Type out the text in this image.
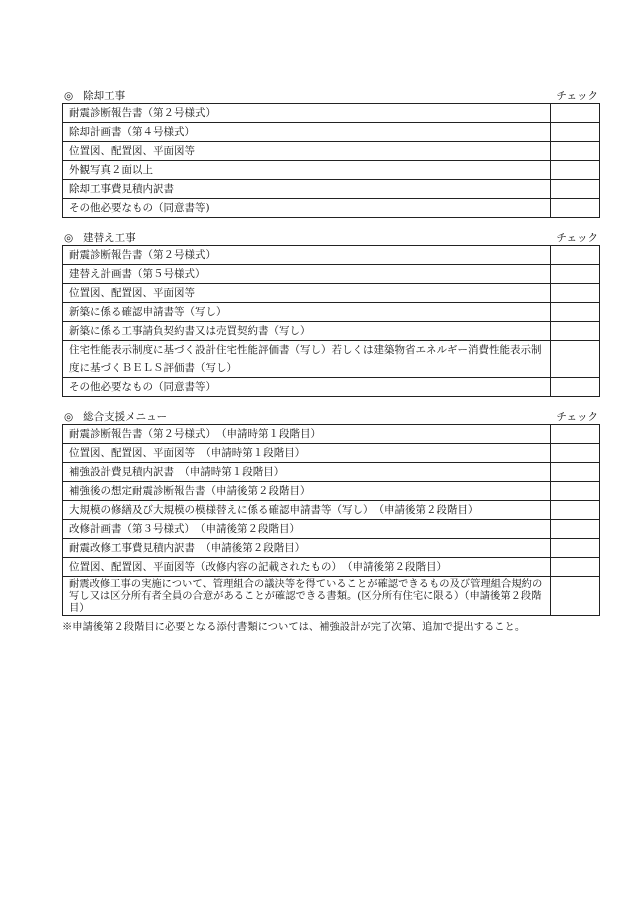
◎ 除却工事	チェック
耐震診断報告書（第２号様式）	
除却計画書（第４号様式）	
位置図、配置図、平面図等	
外観写真２面以上	
除却工事費見積内訳書	
その他必要なもの（同意書等)	
◎ 建替え工事	チェック
耐震診断報告書（第２号様式）	
建替え計画書（第５号様式）	
位置図、配置図、平面図等	
新築に係る確認申請書等（写し）	
新築に係る工事請負契約書又は売買契約書（写し）	
住宅性能表示制度に基づく設計住宅性能評価書（写し）若しくは建築物省エネルギー消費性能表示制度に基づくＢＥＬＳ評価書（写し）	
その他必要なもの（同意書等）	
◎ 総合支援メニュー	チェック
耐震診断報告書（第２号様式）　（申請時第１段階目）	
位置図、配置図、平面図等　（申請時第１段階目）	
補強設計費見積内訳書　（申請時第１段階目）	
補強後の想定耐震診断報告書（申請後第２段階目）	
大規模の修繕及び大規模の模様替えに係る確認申請書等（写し）　（申請後第２段階目）	
改修計画書（第３号様式）　（申請後第２段階目）	
耐震改修工事費見積内訳書　（申請後第２段階目）	
位置図、配置図、平面図等（改修内容の記載されたもの）　（申請後第２段階目）	
耐震改修工事の実施について、管理組合の議決等を得ていることが確認できるもの及び管理組合規約の写し又は区分所有者全員の合意があることが確認できる書類。(区分所有住宅に限る）（申請後第２段階目）	
※申請後第２段階目に必要となる添付書類については、補強設計が完了次第、追加で提出すること。
